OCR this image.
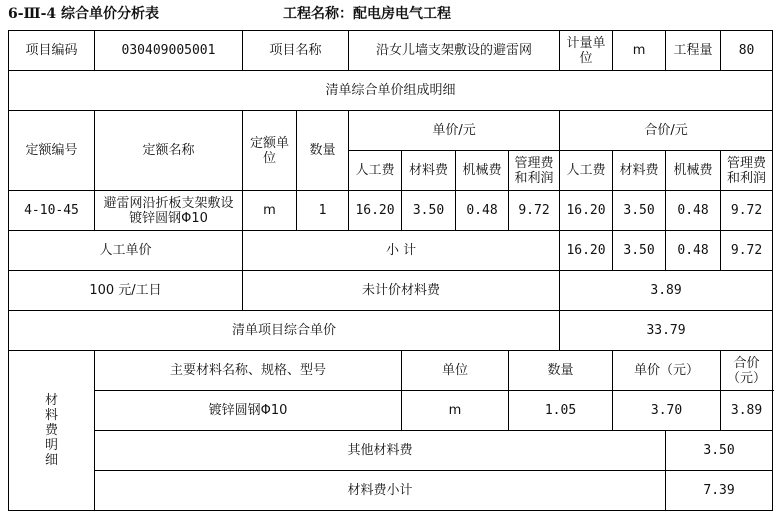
6-Ⅲ-4 综合单价分析表	工程名称：配电房电气工程
项目编码	030409005001	项目名称		沿女儿墙支架敷设的避雷网				计量单位	m	工程量	80
清单综合单价组成明细											
定额编号	定额名称	定额单位	数量	单价/元				合价/元			
				人工费	材料费	机械费	管理费和利润	人工费	材料费	机械费	管理费和利润
4-10-45	避雷网沿折板支架敷设 镀锌圆钢Φ10	m	1	16.20	3.50	0.48	9.72	16.20	3.50	0.48	9.72
人工单价		小 计						16.20	3.50	0.48	9.72
100 元/工日		未计价材料费						3.89			
清单项目综合单价								33.79			

材
料
费
明
细	主要材料名称、规格、型号				单位		数量		单价（元）		合价（元）
	镀锌圆钢Φ10				m		1.05		3.70		3.89
	其他材料费									3.50	
	材料费小计									7.39	
